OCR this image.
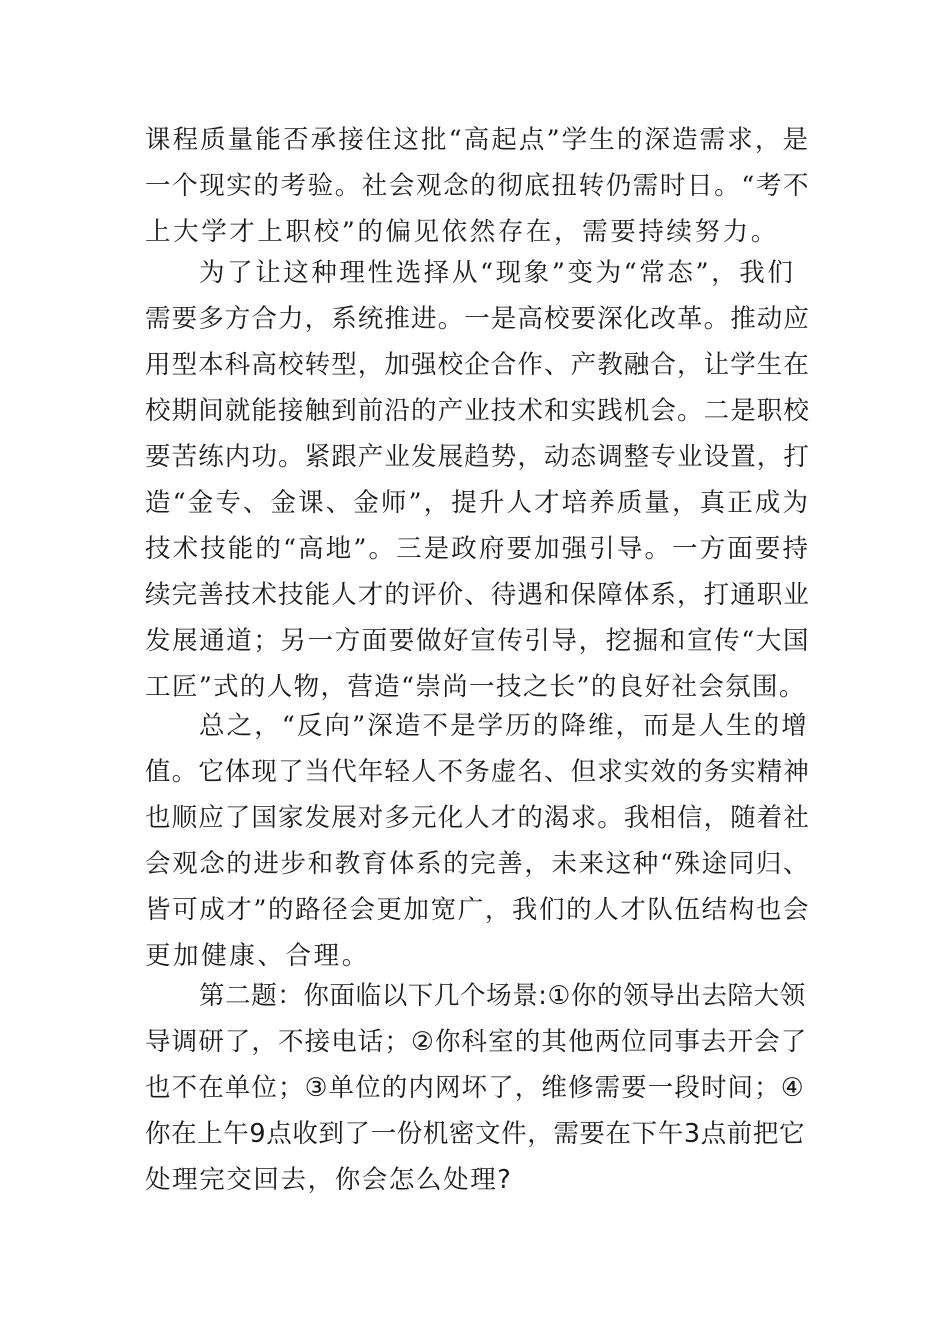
课程质量能否承接住这批“高起点”学生的深造需求，是
一个现实的考验。社会观念的彻底扭转仍需时日。“考不
上大学才上职校”的偏见依然存在，需要持续努力。
为了让这种理性选择从“现象”变为“常态”，我们
需要多方合力，系统推进。一是高校要深化改革。推动应
用型本科高校转型，加强校企合作、产教融合，让学生在
校期间就能接触到前沿的产业技术和实践机会。二是职校
要苦练内功。紧跟产业发展趋势，动态调整专业设置，打
造“金专、金课、金师”，提升人才培养质量，真正成为
技术技能的“高地”。三是政府要加强引导。一方面要持
续完善技术技能人才的评价、待遇和保障体系，打通职业
发展通道；另一方面要做好宣传引导，挖掘和宣传“大国
工匠”式的人物，营造“崇尚一技之长”的良好社会氛围。
总之，“反向”深造不是学历的降维，而是人生的增
值。它体现了当代年轻人不务虚名、但求实效的务实精神
也顺应了国家发展对多元化人才的渴求。我相信，随着社
会观念的进步和教育体系的完善，未来这种“殊途同归、
皆可成才”的路径会更加宽广，我们的人才队伍结构也会
更加健康、合理。
第二题：你面临以下几个场景:①你的领导出去陪大领
导调研了，不接电话；②你科室的其他两位同事去开会了
也不在单位；③单位的内网坏了，维修需要一段时间；④
你在上午9点收到了一份机密文件，需要在下午3点前把它
处理完交回去，你会怎么处理?
